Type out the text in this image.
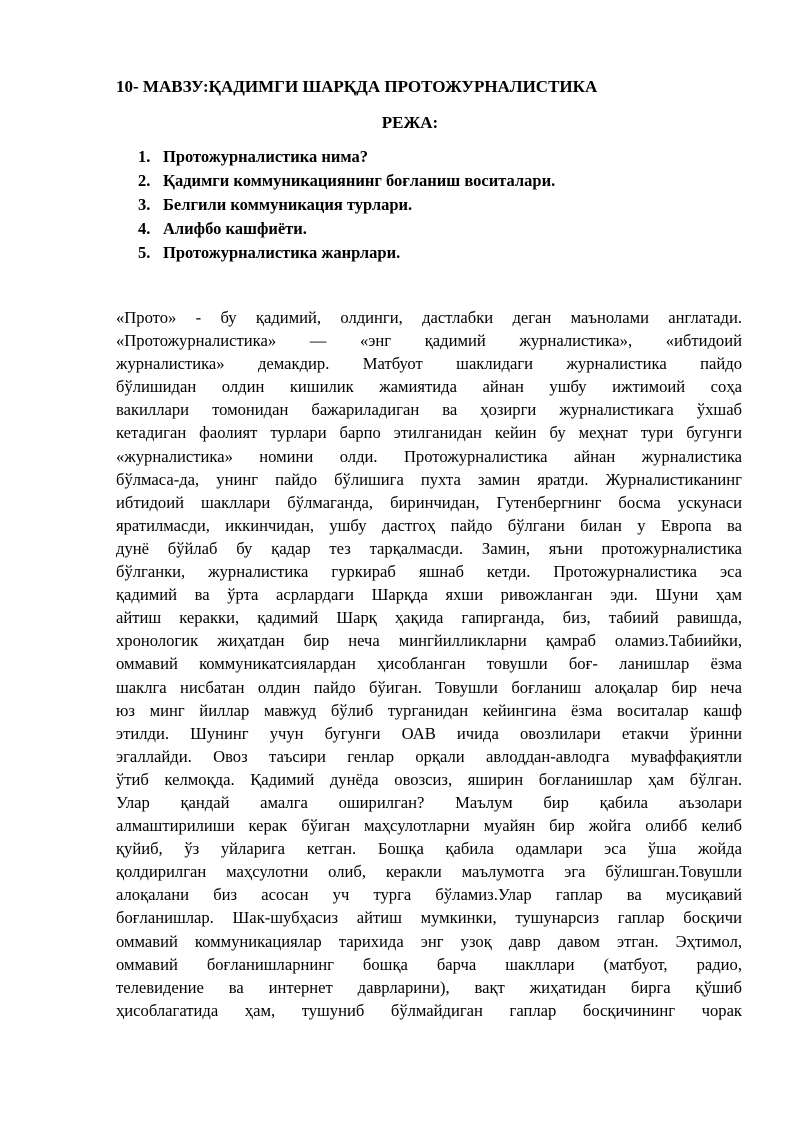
10- МАВЗУ:ҚАДИМГИ ШАРҚДА ПРОТОЖУРНАЛИСТИКА
РЕЖА:
1. Протожурналистика нима?
2. Қадимги коммуникациянинг боғланиш воситалари.
3. Белгили коммуникация турлари.
4. Алифбо кашфиёти.
5. Протожурналистика жанрлари.
«Прото» - бу қадимий, олдинги, дастлабки деган маънолами англатади.
«Протожурналистика» — «энг қадимий журналистика», «ибтидоий
журналистика» демакдир. Матбуот шаклидаги журналистика пайдо
бўлишидан олдин кишилик жамиятида айнан ушбу ижтимоий соҳа
вакиллари томонидан бажариладиган ва ҳозирги журналистикага ўхшаб
кетадиган фаолият турлари барпо этилганидан кейин бу меҳнат тури бугунги
«журналистика» номини олди. Протожурналистика айнан журналистика
бўлмаса-да, унинг пайдо бўлишига пухта замин яратди. Журналистиканинг
ибтидоий шакллари бўлмаганда, биринчидан, Гутенбергнинг босма ускунаси
яратилмасди, иккинчидан, ушбу дастгоҳ пайдо бўлгани билан у Европа ва
дунё бўйлаб бу қадар тез тарқалмасди. Замин, яъни протожурналистика
бўлганки, журналистика гуркираб яшнаб кетди. Протожурналистика эса
қадимий ва ўрта асрлардаги Шарқда яхши ривожланган эди. Шуни ҳам
айтиш керакки, қадимий Шарқ ҳақида гапирганда, биз, табиий равишда,
хронологик жиҳатдан бир неча мингйилликларни қамраб оламиз.Табиийки,
оммавий коммуникатсиялардан ҳисобланган товушли боғ- ланишлар ёзма
шаклга нисбатан олдин пайдо бўиган. Товушли боғланиш алоқалар бир неча
юз минг йиллар мавжуд бўлиб турганидан кейингина ёзма воситалар кашф
этилди. Шунинг учун бугунги ОАВ ичида овозлилари етакчи ўринни
эгаллайди. Овоз таъсири генлар орқали авлоддан-авлодга муваффақиятли
ўтиб келмоқда. Қадимий дунёда овозсиз, яширин боғланишлар ҳам бўлган.
Улар қандай амалга оширилган? Маълум бир қабила аъзолари
алмаштирилиши керак бўиган маҳсулотларни муайян бир жойга олибб келиб
қуйиб, ўз уйларига кетган. Бошқа қабила одамлари эса ўша жойда
қолдирилган маҳсулотни олиб, керакли маълумотга эга бўлишган.Товушли
алоқалани биз асосан уч турга бўламиз.Улар гаплар ва мусиқавий
боғланишлар. Шак-шубҳасиз айтиш мумкинки, тушунарсиз гаплар босқичи
оммавий коммуникациялар тарихида энг узоқ давр давом этган. Эҳтимол,
оммавий боғланишларнинг бошқа барча шакллари (матбуот, радио,
телевидение ва интернет даврларини), вақт жиҳатидан бирга қўшиб
ҳисоблагатида ҳам, тушуниб бўлмайдиган гаплар босқичининг чорак
